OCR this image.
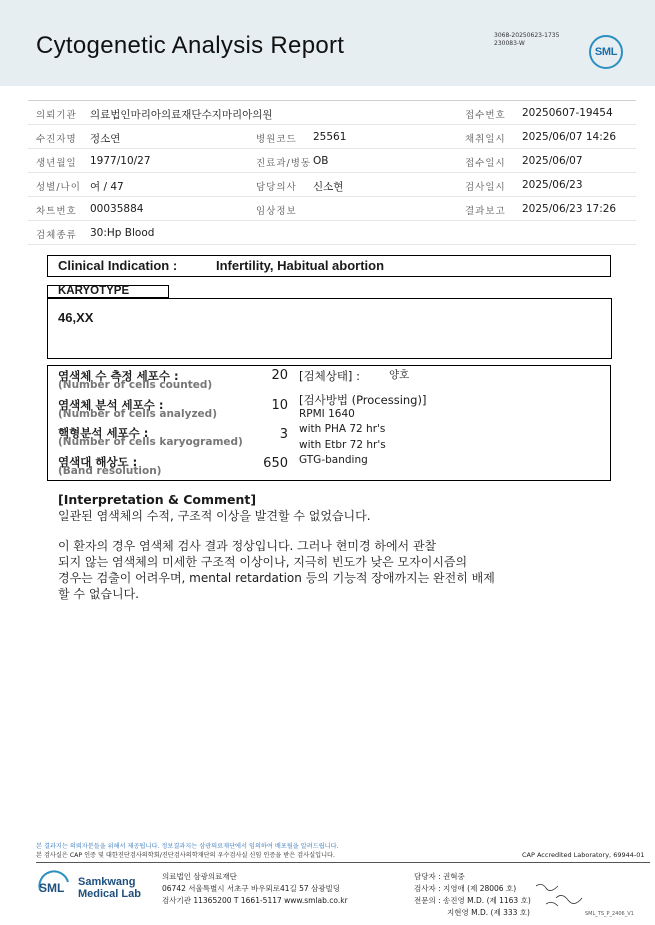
Cytogenetic Analysis Report	3068-20250623-1735
230083-W
SML
의뢰기관 의료법인마리아의료재단수지마리아의원	접수번호 20250607-19454
수진자명 정소연	병원코드 25561	채취일시 2025/06/07 14:26
생년월일 1977/10/27	진료과/병동 OB	접수일시 2025/06/07
성별/나이 여 / 47	담당의사 신소현	검사일시 2025/06/23
차트번호 00035884	임상정보	결과보고 2025/06/23 17:26
검체종류 30:Hp Blood
Clinical Indication :	Infertility, Habitual abortion
KARYOTYPE
46,XX
염색체 수 측정 세포수 :
(Number of cells counted)
20
염색체 분석 세포수 :
(Number of cells analyzed)
10
핵형분석 세포수 :
(Number of cells karyogramed)	3
염색대 해상도 :
(Band resolution)	650
[검체상태] :	양호
[검사방법 (Processing)]
RPMI 1640
with PHA 72 hr's
with Etbr 72 hr's
GTG-banding
[Interpretation & Comment]

일관된 염색체의 수적, 구조적 이상을 발견할 수 없었습니다.

이 환자의 경우 염색체 검사 결과 정상입니다. 그러나 현미경 하에서 관찰

되지 않는 염색체의 미세한 구조적 이상이나, 지극히 빈도가 낮은 모자이시즘의

경우는 검출이 어려우며, mental retardation 등의 기능적 장애까지는 완전히 배제

할 수 없습니다.

본 결과지는 의뢰자분들을 위해서 제공됩니다. 정보결과지는 삼광의료재단에서 임의하여 배포될을 알려드립니다.
본 검사실은 CAP 인증 및 대한진단검사의학회/진단검사의학재단의 우수검사실 신임 인증을 받은 검사실입니다.	CAP Accredited Laboratory, 69944-01
SML Samkwang
Medical Lab
의료법인 삼광의료재단
06742 서울특별시 서초구 바우뫼로41길 57 삼광빌딩
검사기관 11365200 T 1661-5117 www.smlab.co.kr
담당자 : 권혁중
검사자 : 지영애 (제 28006 호)
전문의 : 송진영 M.D. (제 1163 호)
지현영 M.D. (제 333 호)	SML_TS_P_2406_V1
